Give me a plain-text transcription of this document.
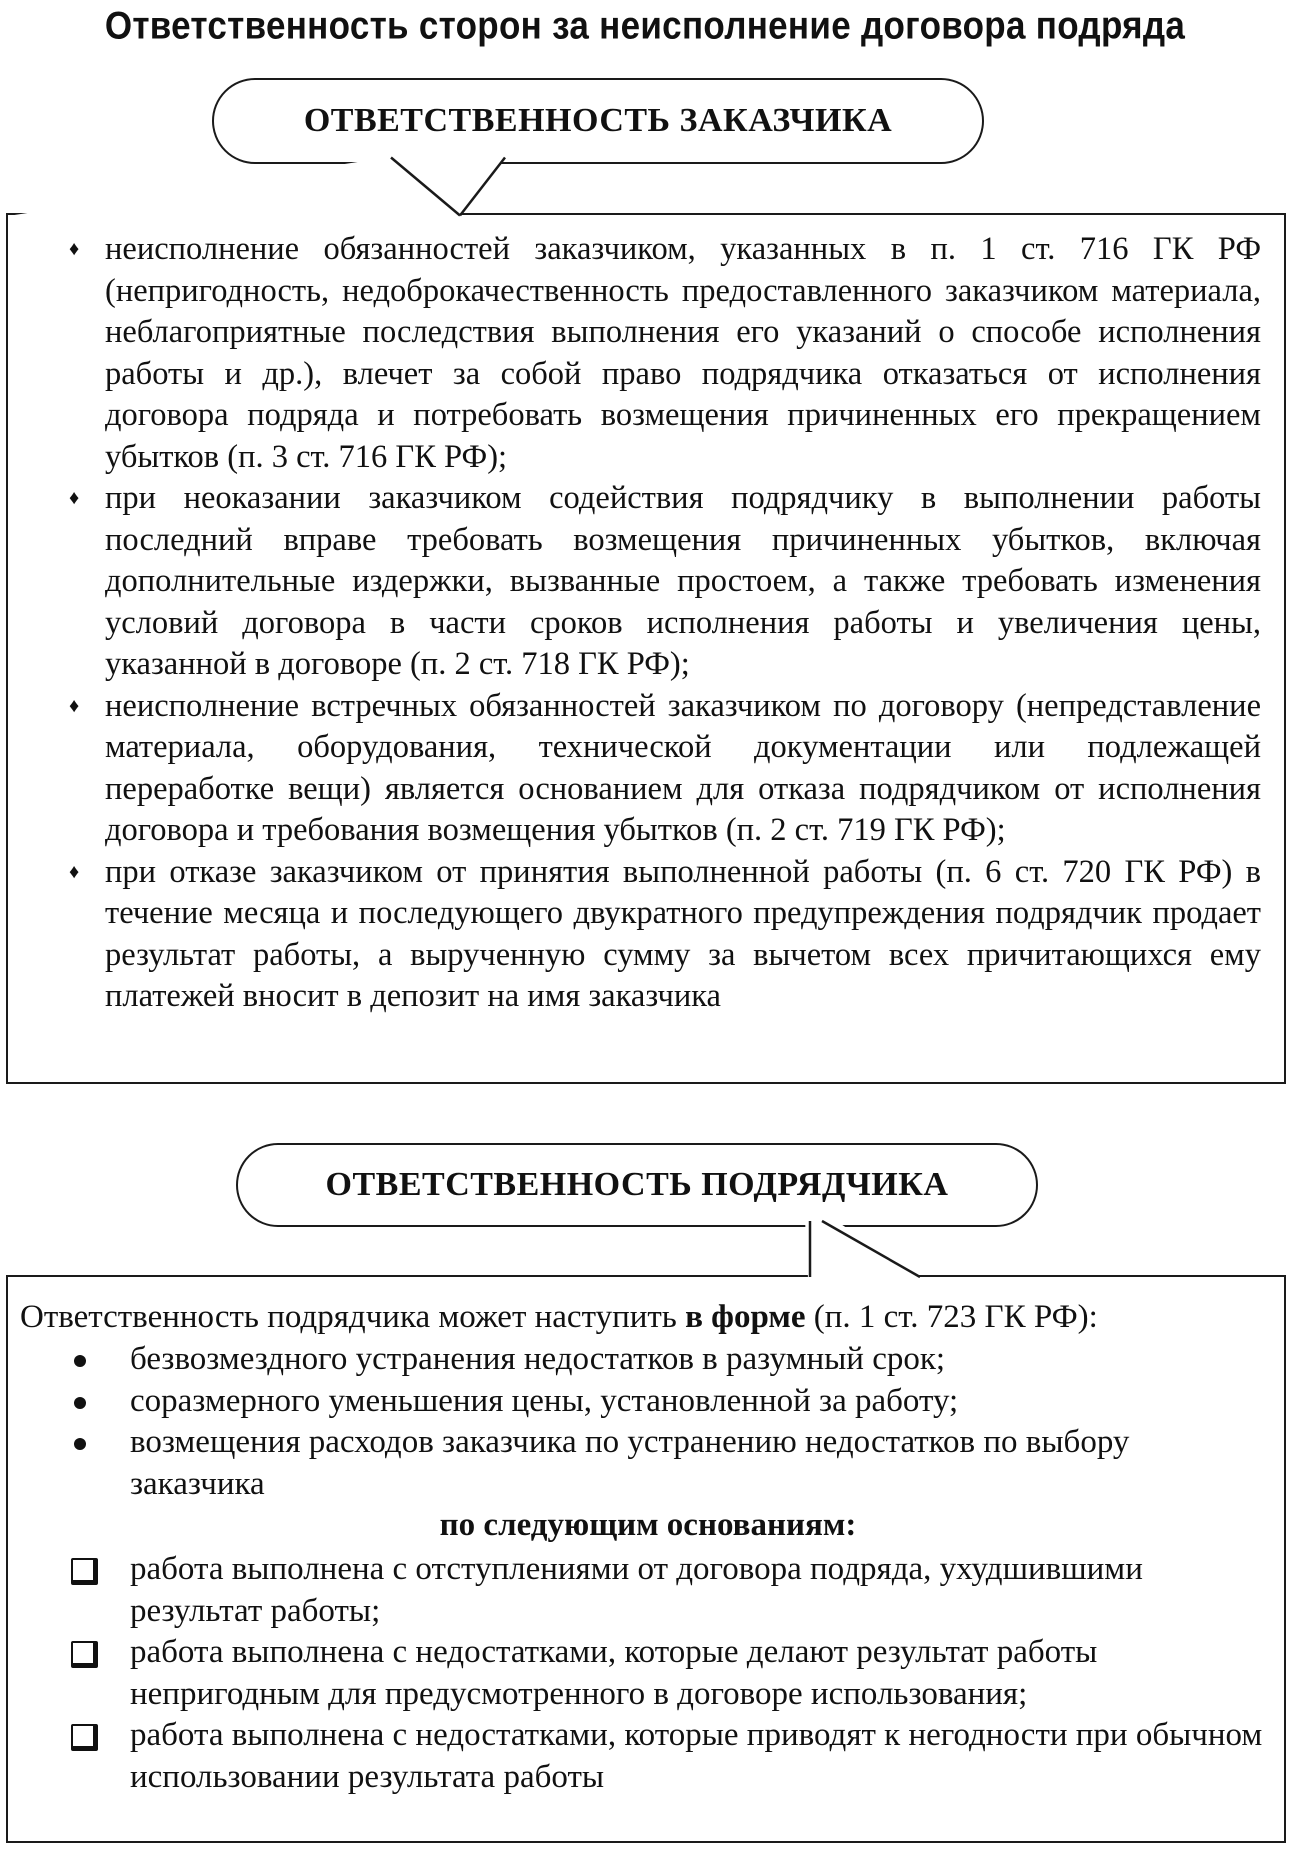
Ответственность сторон за неисполнение договора подряда
ОТВЕТСТВЕННОСТЬ ЗАКАЗЧИКА
♦ неисполнение обязанностей заказчиком, указанных в п. 1 ст. 716 ГК РФ (непригодность, недоброкачественность предоставленного заказчиком материала, неблагоприятные последствия выполнения его указаний о способе исполнения работы и др.), влечет за собой право подрядчика отказаться от исполнения договора подряда и потребовать возмещения причиненных его прекращением убытков (п. 3 ст. 716 ГК РФ);
♦ при неоказании заказчиком содействия подрядчику в выполнении работы последний вправе требовать возмещения причиненных убытков, включая дополнительные издержки, вызванные простоем, а также требовать изменения условий договора в части сроков исполнения работы и увеличения цены, указанной в договоре (п. 2 ст. 718 ГК РФ);
♦ неисполнение встречных обязанностей заказчиком по договору (непредставление материала, оборудования, технической документации или подлежащей переработке вещи) является основанием для отказа подрядчиком от исполнения договора и требования возмещения убытков (п. 2 ст. 719 ГК РФ);
♦ при отказе заказчиком от принятия выполненной работы (п. 6 ст. 720 ГК РФ) в течение месяца и последующего двукратного предупреждения подрядчик продает результат работы, а вырученную сумму за вычетом всех причитающихся ему платежей вносит в депозит на имя заказчика
ОТВЕТСТВЕННОСТЬ ПОДРЯДЧИКА
Ответственность подрядчика может наступить в форме (п. 1 ст. 723 ГК РФ):
безвозмездного устранения недостатков в разумный срок;
соразмерного уменьшения цены, установленной за работу;
возмещения расходов заказчика по устранению недостатков по выбору заказчика
по следующим основаниям:
работа выполнена с отступлениями от договора подряда, ухудшившими результат работы;
работа выполнена с недостатками, которые делают результат работы непригодным для предусмотренного в договоре использования;
работа выполнена с недостатками, которые приводят к негодности при обычном использовании результата работы
